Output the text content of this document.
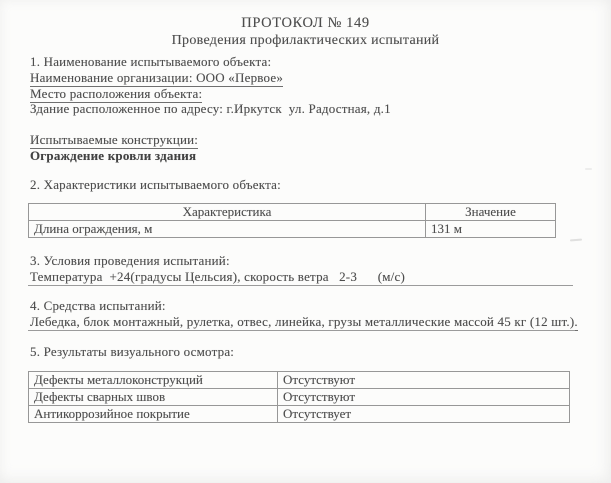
ПРОТОКОЛ № 149
Проведения профилактических испытаний
1. Наименование испытываемого объекта:
Наименование организации: ООО «Первое»
Место расположения объекта:
Здание расположенное по адресу: г.Иркутск  ул. Радостная, д.1
Испытываемые конструкции:
Ограждение кровли здания
2. Характеристики испытываемого объекта:
Характеристика	Значение
Длина ограждения, м	131 м
3. Условия проведения испытаний:
Температура  +24(градусы Цельсия), скорость ветра   2-3      (м/с)
4. Средства испытаний:
Лебедка, блок монтажный, рулетка, отвес, линейка, грузы металлические массой 45 кг (12 шт.).
5. Результаты визуального осмотра:
Дефекты металлоконструкций	Отсутствуют
Дефекты сварных швов	Отсутствуют
Антикоррозийное покрытие	Отсутствует
